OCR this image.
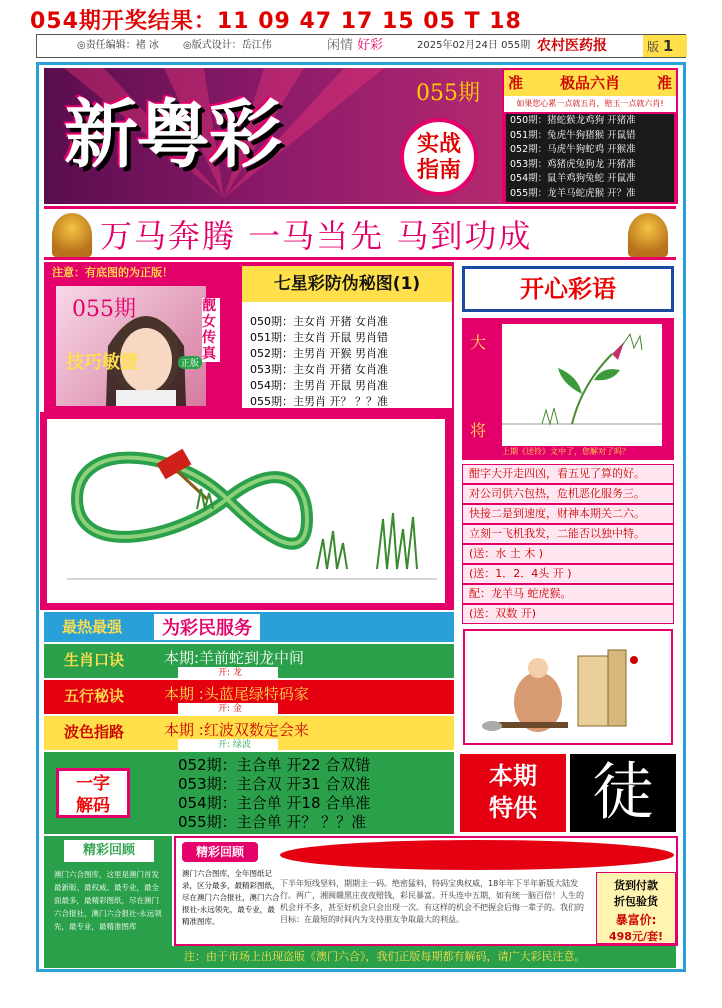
054期开奖结果：11 09 47 17 15 05 T 18
◎责任编辑：褚 冰 ◎版式设计：岳江伟	闲情 好彩	2025年02月24日 055期 农村医药报	版 1
新粤彩	055期
实战
指南
准 极品六肖 准
如果您心累一点就五肖，赔玉一点就六肖!
050期：猪蛇猴龙鸡狗 开猪准
051期：兔虎牛狗猪猴 开鼠错
052期：马虎牛狗蛇鸡 开猴准
053期：鸡猪虎兔狗龙 开猪准
054期：鼠羊鸡狗兔蛇 开鼠准
055期：龙羊马蛇虎猴 开？准
万马奔腾 一马当先 马到功成
注意：有底图的为正版！
055期
技巧敏捷
靓女传真
正版
七星彩防伪秘图(1)
050期：主女肖 开猪 女肖准
051期：主女肖 开鼠 男肖错
052期：主男肖 开猴 男肖准
053期：主女肖 开猪 女肖准
054期：主男肖 开鼠 男肖准
055期：主男肖 开？ ？？准
开心彩语
大
将
上期《送铃》文中了，您解对了吗？
酣字大开走四凶，看五见了算的好。
对公司供六包热，危机恶化服务三。
快接二是到速度，财神本期关二六。
立刻一飞机我发，二能否以独中特。
(送：水 土 木 )
(送：1．2．4头 开 )
配：龙羊马 蛇虎猴。
(送：双数 开)
最热最强	为彩民服务
生肖口诀	本期:羊前蛇到龙中间
开: 龙
五行秘诀	本期 :头蓝尾绿特码家
开: 金
波色指路	本期 :红波双数定会来
开: 绿波
一字
解码
052期：主合单 开22 合双错
053期：主合双 开31 合双准
054期：主合单 开18 合单准
055期：主合单 开？ ？？准
本期
特供 徒
精彩回顾
澳门六合图库，这里是澳门首发最新版、最权威、最专业，最全面最多，最精彩图纸，尽在澳门六合报社，澳门六合报社-永远领先，最专业，最精准图库
精彩回顾
澳门六合图库，全年图纸记录，区分最多，最精彩图纸，尽在澳门六合报社，澳门六合报社-永远领先，最专业，最精准图库。
下半年短线坚料，期期主一码。绝密猛料，特码宝典权威，18年年下半年新版大陆发行。两广，湘闽赣黑庄夜夜赔钱，彩民暴富。开头连中五期，如有统一脑百倍！人生的机会并不多，甚至好机会只会出现一次。有这样的机会不把握会后悔一辈子的。我们的目标：在最短的时间内为支持朋友争取最大的利益。
货到付款
折包验货
暴富价:
498元/套!
注：由于市场上出现盗版《澳门六合》，我们正版每期都有解码，请广大彩民注意。
